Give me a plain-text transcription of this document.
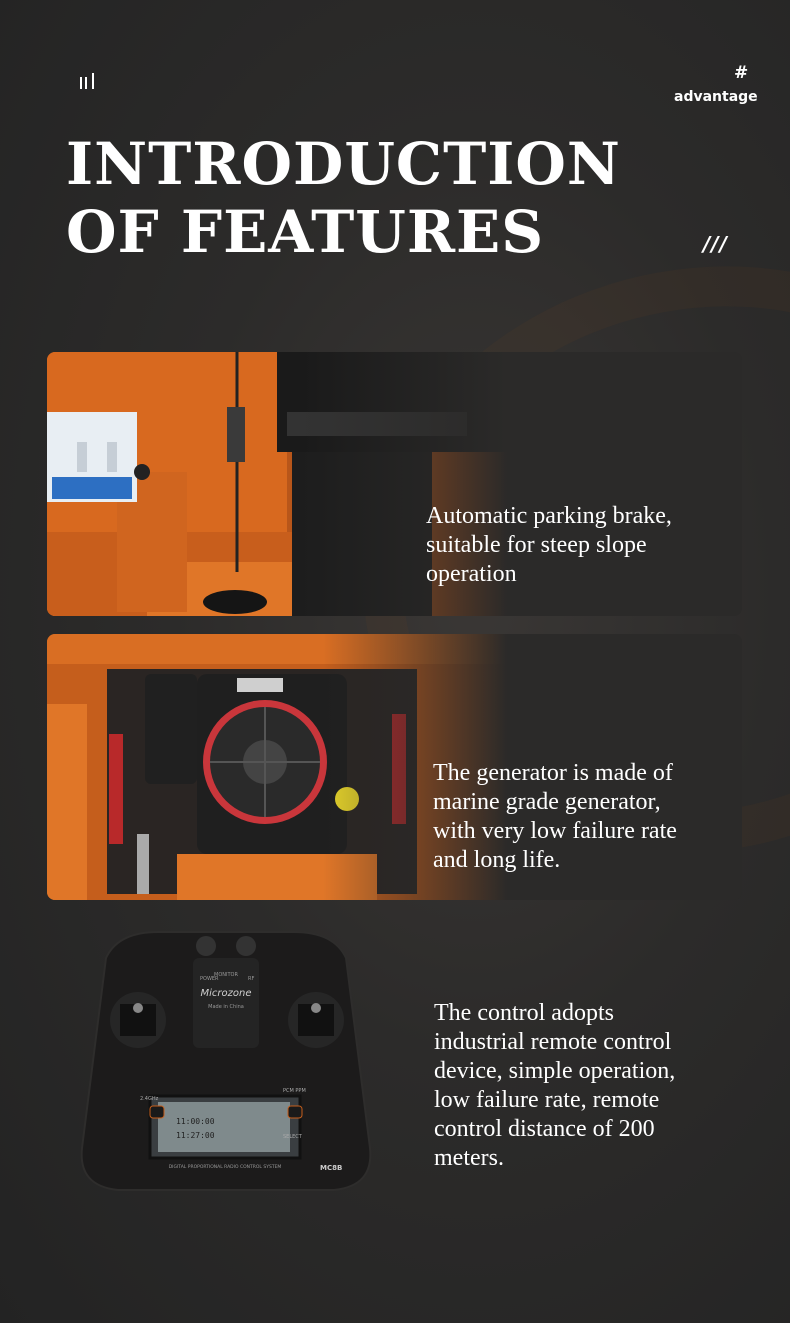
#
advantage
INTRODUCTION
OF FEATURES	///
Automatic parking brake,
suitable for steep slope
operation
The generator is made of
marine grade generator,
with very low failure rate
and long life.
Microzone
MONITOR
Made in China
POWER	RF
11:00:00
11:27:00
2.4GHz
PCM PPM
SELECT
DIGITAL PROPORTIONAL RADIO CONTROL SYSTEM	MC8B
The control adopts
industrial remote control
device, simple operation,
low failure rate, remote
control distance of 200
meters.
